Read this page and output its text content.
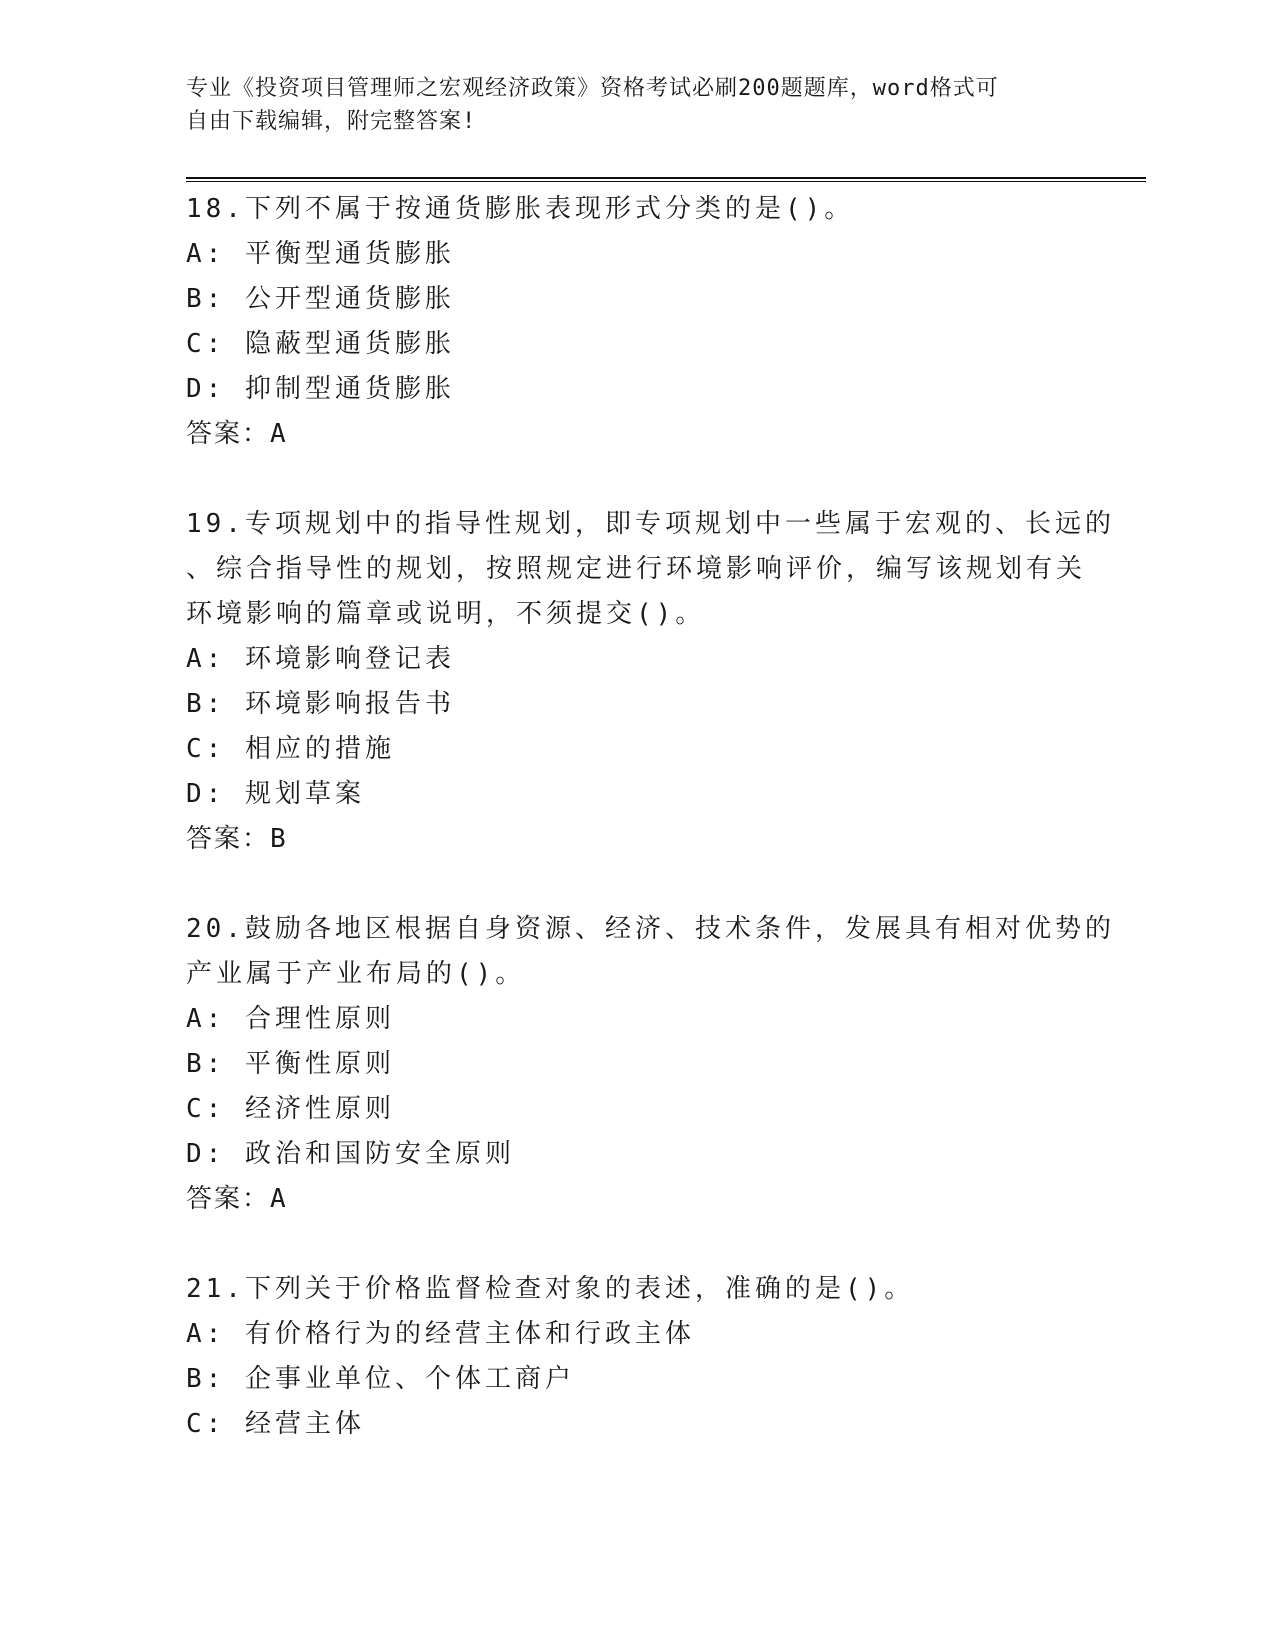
专业《投资项目管理师之宏观经济政策》资格考试必刷200题题库，word格式可
自由下载编辑，附完整答案!
18.下列不属于按通货膨胀表现形式分类的是()。
A: 平衡型通货膨胀
B: 公开型通货膨胀
C: 隐蔽型通货膨胀
D: 抑制型通货膨胀
答案：A
19.专项规划中的指导性规划，即专项规划中一些属于宏观的、长远的
、综合指导性的规划，按照规定进行环境影响评价，编写该规划有关
环境影响的篇章或说明，不须提交()。
A: 环境影响登记表
B: 环境影响报告书
C: 相应的措施
D: 规划草案
答案：B
20.鼓励各地区根据自身资源、经济、技术条件，发展具有相对优势的
产业属于产业布局的()。
A: 合理性原则
B: 平衡性原则
C: 经济性原则
D: 政治和国防安全原则
答案：A
21.下列关于价格监督检查对象的表述，准确的是()。
A: 有价格行为的经营主体和行政主体
B: 企事业单位、个体工商户
C: 经营主体
